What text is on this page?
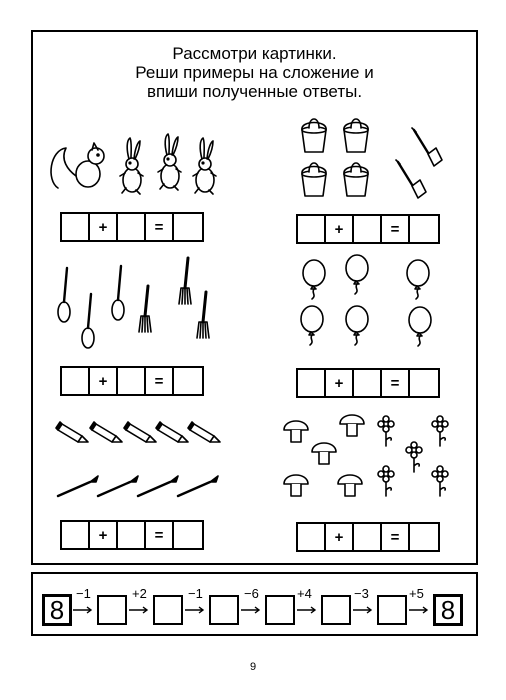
Рассмотри картинки.
Реши примеры на сложение и
впиши полученные ответы.
+	=	+	=
+	=	+	=
+	=	+	=
8	8
−1	+2	−1	−6	+4	−3	+5
9
